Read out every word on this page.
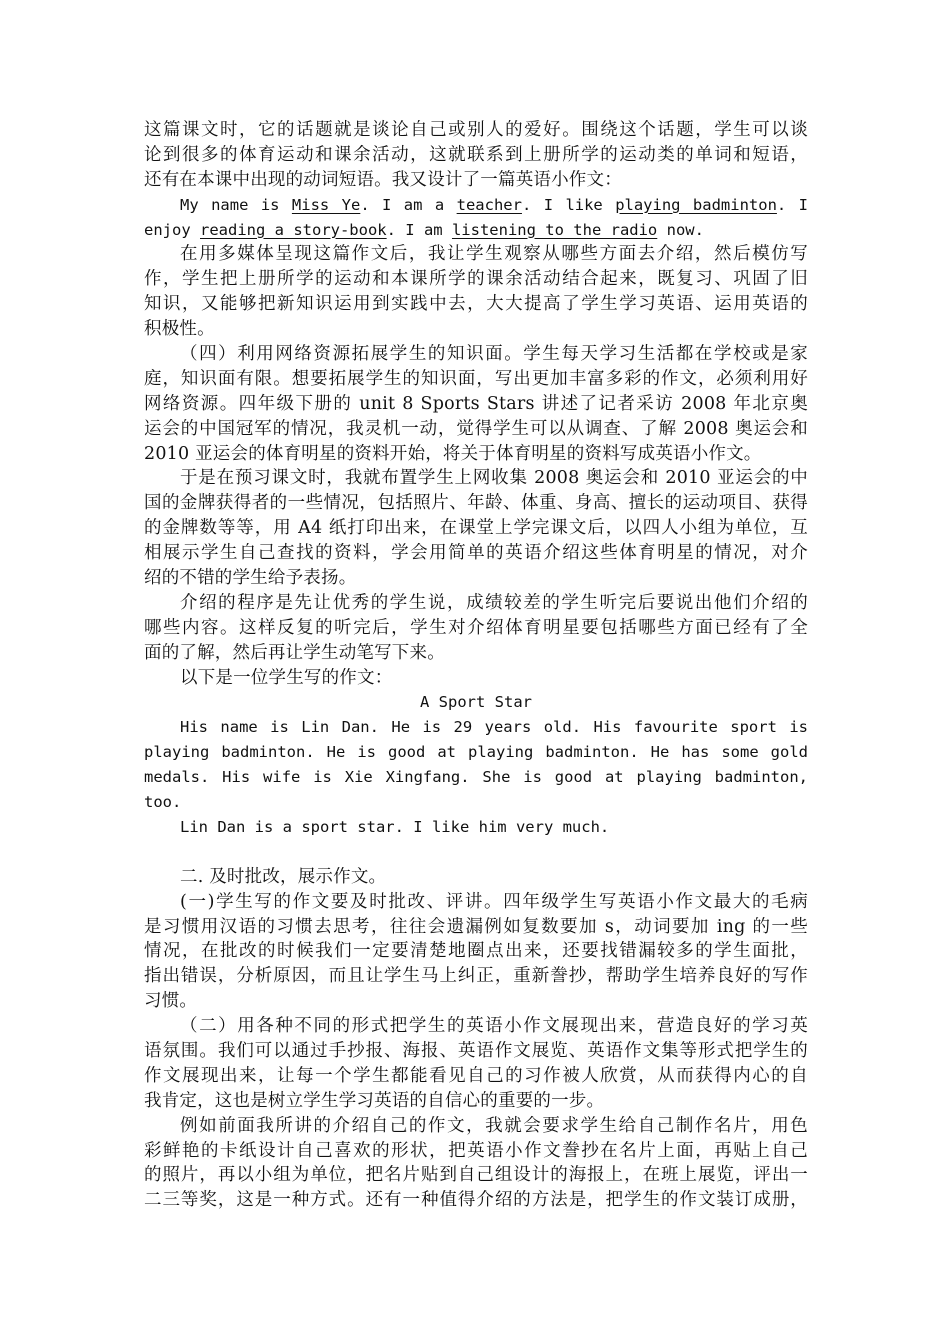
这篇课文时，它的话题就是谈论自己或别人的爱好。围绕这个话题，学生可以谈
论到很多的体育运动和课余活动，这就联系到上册所学的运动类的单词和短语，
还有在本课中出现的动词短语。我又设计了一篇英语小作文：
My name is Miss Ye. I am a teacher. I like playing badminton. I
enjoy reading a story-book. I am listening to the radio now.
在用多媒体呈现这篇作文后，我让学生观察从哪些方面去介绍，然后模仿写
作，学生把上册所学的运动和本课所学的课余活动结合起来，既复习、巩固了旧
知识，又能够把新知识运用到实践中去，大大提高了学生学习英语、运用英语的
积极性。
（四）利用网络资源拓展学生的知识面。学生每天学习生活都在学校或是家
庭，知识面有限。想要拓展学生的知识面，写出更加丰富多彩的作文，必须利用好
网络资源。四年级下册的 unit 8 Sports Stars 讲述了记者采访 2008 年北京奥
运会的中国冠军的情况，我灵机一动，觉得学生可以从调查、了解 2008 奥运会和
2010 亚运会的体育明星的资料开始，将关于体育明星的资料写成英语小作文。
于是在预习课文时，我就布置学生上网收集 2008 奥运会和 2010 亚运会的中
国的金牌获得者的一些情况，包括照片、年龄、体重、身高、擅长的运动项目、获得
的金牌数等等，用 A4 纸打印出来，在课堂上学完课文后，以四人小组为单位，互
相展示学生自己查找的资料，学会用简单的英语介绍这些体育明星的情况，对介
绍的不错的学生给予表扬。
介绍的程序是先让优秀的学生说，成绩较差的学生听完后要说出他们介绍的
哪些内容。这样反复的听完后，学生对介绍体育明星要包括哪些方面已经有了全
面的了解，然后再让学生动笔写下来。
以下是一位学生写的作文：
A Sport Star
His name is Lin Dan. He is 29 years old. His favourite sport is
playing badminton. He is good at playing badminton. He has some gold
medals. His wife is Xie Xingfang. She is good at playing badminton,
too.
Lin Dan is a sport star. I like him very much.
二. 及时批改，展示作文。
(一)学生写的作文要及时批改、评讲。四年级学生写英语小作文最大的毛病
是习惯用汉语的习惯去思考，往往会遗漏例如复数要加 s，动词要加 ing 的一些
情况，在批改的时候我们一定要清楚地圈点出来，还要找错漏较多的学生面批，
指出错误，分析原因，而且让学生马上纠正，重新誊抄，帮助学生培养良好的写作
习惯。
（二）用各种不同的形式把学生的英语小作文展现出来，营造良好的学习英
语氛围。我们可以通过手抄报、海报、英语作文展览、英语作文集等形式把学生的
作文展现出来，让每一个学生都能看见自己的习作被人欣赏，从而获得内心的自
我肯定，这也是树立学生学习英语的自信心的重要的一步。
例如前面我所讲的介绍自己的作文，我就会要求学生给自己制作名片，用色
彩鲜艳的卡纸设计自己喜欢的形状，把英语小作文誊抄在名片上面，再贴上自己
的照片，再以小组为单位，把名片贴到自己组设计的海报上，在班上展览，评出一
二三等奖，这是一种方式。还有一种值得介绍的方法是，把学生的作文装订成册，
